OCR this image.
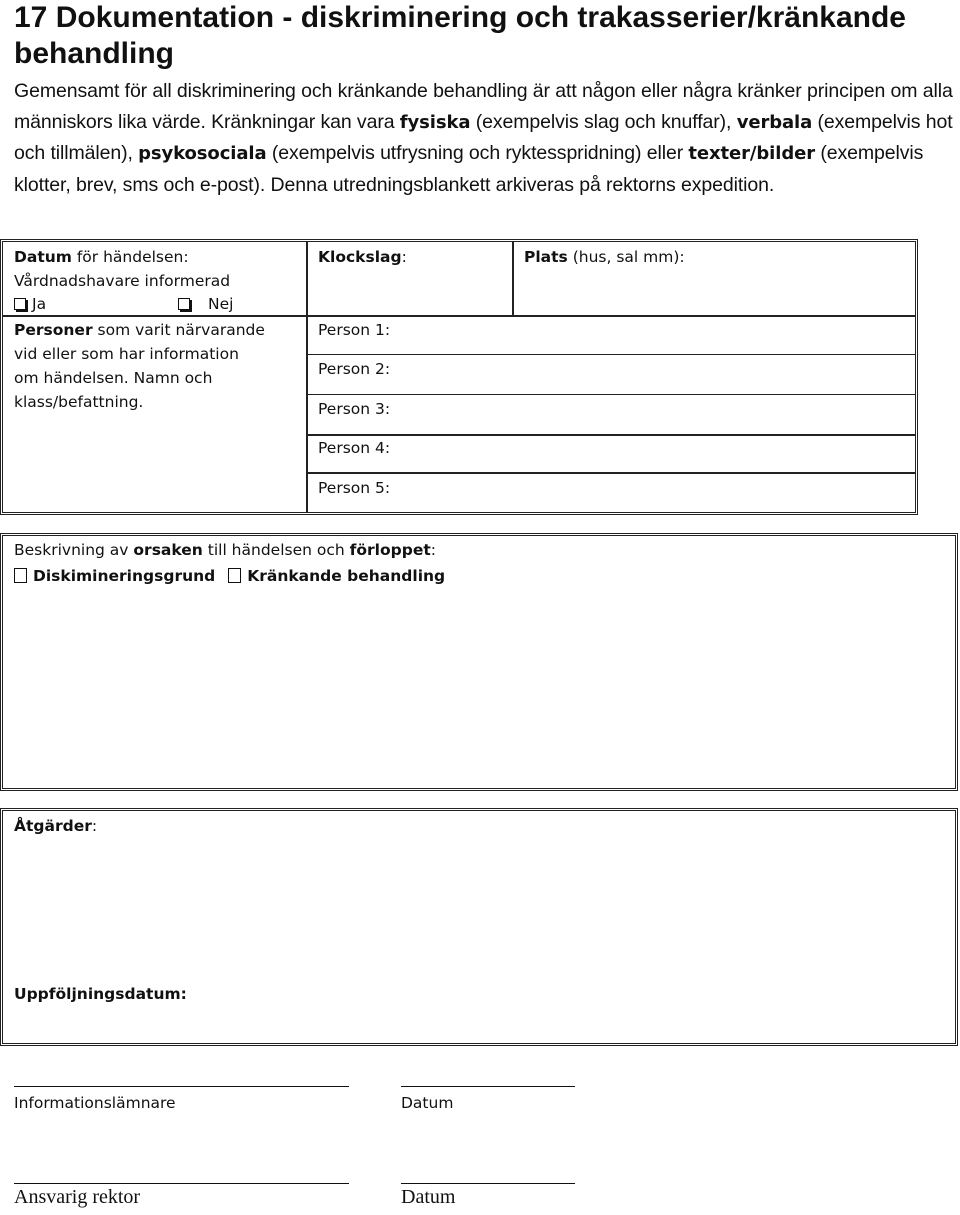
17 Dokumentation - diskriminering och trakasserier/kränkande behandling

Gemensamt för all diskriminering och kränkande behandling är att någon eller några kränker principen om alla människors lika värde. Kränkningar kan vara fysiska (exempelvis slag och knuffar), verbala (exempelvis hot och tillmälen), psykosociala (exempelvis utfrysning och ryktesspridning) eller texter/bilder (exempelvis klotter, brev, sms och e-post). Denna utredningsblankett arkiveras på rektorns expedition.

Datum för händelsen:
Vårdnadshavare informerad
Ja	Nej
Klockslag:	Plats (hus, sal mm):
Personer som varit närvarande
vid eller som har information
om händelsen. Namn och
klass/befattning.
Person 1:
Person 2:
Person 3:
Person 4:
Person 5:
Beskrivning av orsaken till händelsen och förloppet:
Diskimineringsgrund Kränkande behandling
Åtgärder:
Uppföljningsdatum:
Informationslämnare	Datum
Ansvarig rektor	Datum
